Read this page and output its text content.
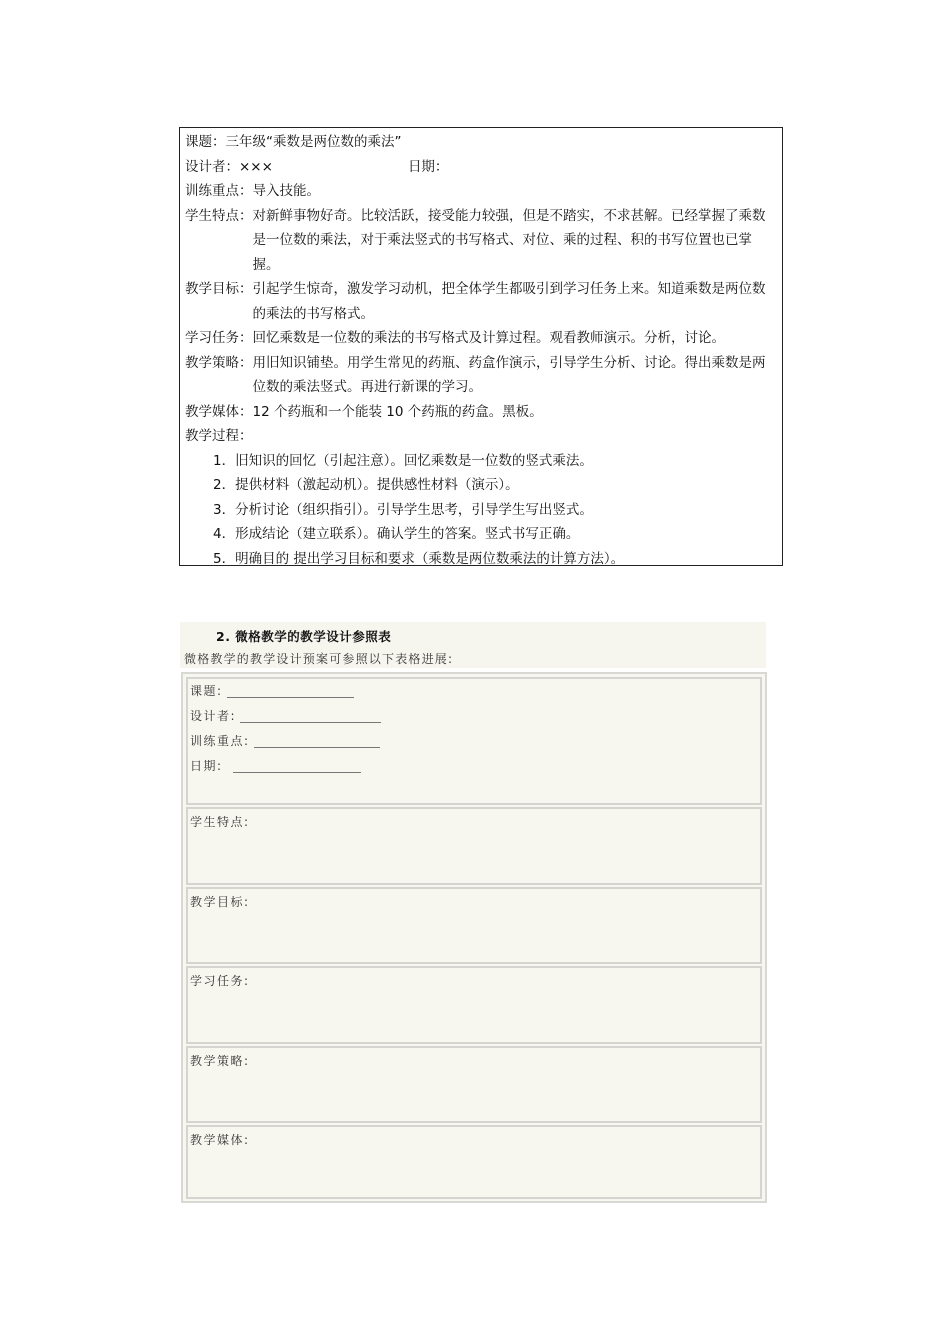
课题： 三年级“乘数是两位数的乘法”
设计者： ×××	日期：
训练重点： 导入技能。
学生特点： 对新鲜事物好奇。比较活跃，接受能力较强，但是不踏实，不求甚解。已经掌握了乘数是一位数的乘法，对于乘法竖式的书写格式、对位、乘的过程、积的书写位置也已掌握。
教学目标： 引起学生惊奇，激发学习动机，把全体学生都吸引到学习任务上来。知道乘数是两位数的乘法的书写格式。
学习任务： 回忆乘数是一位数的乘法的书写格式及计算过程。观看教师演示。分析，讨论。
教学策略： 用旧知识铺垫。用学生常见的药瓶、药盒作演示，引导学生分析、讨论。得出乘数是两位数的乘法竖式。再进行新课的学习。
教学媒体： 12 个药瓶和一个能装 10 个药瓶的药盒。黑板。
教学过程：
1．旧知识的回忆（引起注意）。回忆乘数是一位数的竖式乘法。
2．提供材料（激起动机）。提供感性材料（演示）。
3．分析讨论（组织指引）。引导学生思考，引导学生写出竖式。
4．形成结论（建立联系）。确认学生的答案。竖式书写正确。
5．明确目的 提出学习目标和要求（乘数是两位数乘法的计算方法）。
2. 微格教学的教学设计参照表
微格教学的教学设计预案可参照以下表格进展:
课题:
设计者:
训练重点:
日期:
学生特点:
教学目标:
学习任务:
教学策略:
教学媒体:
